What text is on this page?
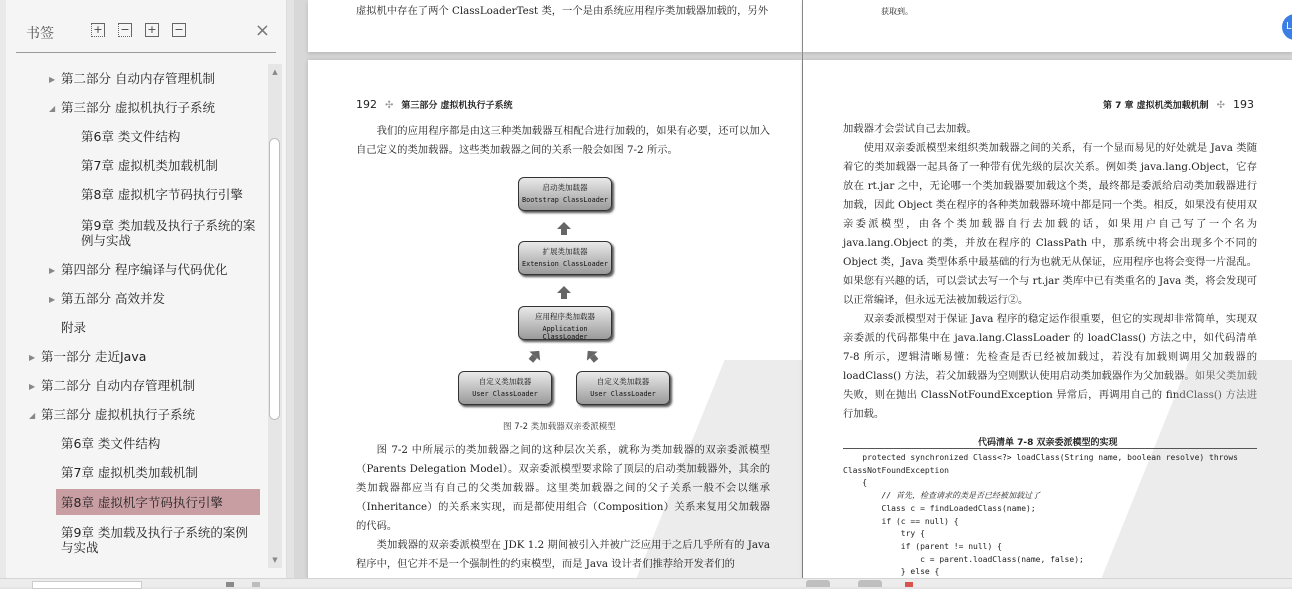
书签	+ − + −	×
▶ 第二部分 自动内存管理机制
◢ 第三部分 虚拟机执行子系统
第6章 类文件结构
第7章 虚拟机类加载机制
第8章 虚拟机字节码执行引擎
第9章 类加载及执行子系统的案例与实战
▶ 第四部分 程序编译与代码优化
▶ 第五部分 高效并发
附录
▶ 第一部分 走近Java
▶ 第二部分 自动内存管理机制
◢ 第三部分 虚拟机执行子系统
第6章 类文件结构
第7章 虚拟机类加载机制
第8章 虚拟机字节码执行引擎
第9章 类加载及执行子系统的案例与实战
▲
▼
虚拟机中存在了两个 ClassLoaderTest 类，一个是由系统应用程序类加载器加载的，另外	获取到。
192 ✣ 第三部分 虚拟机执行子系统

我们的应用程序都是由这三种类加载器互相配合进行加载的，如果有必要，还可以加入自己定义的类加载器。这些类加载器之间的关系一般会如图 7-2 所示。

启动类加载器
Bootstrap ClassLoader
扩展类加载器
Extension ClassLoader
应用程序类加载器
Application ClassLoader
自定义类加载器
User ClassLoader
自定义类加载器
User ClassLoader
图 7-2 类加载器双亲委派模型

图 7-2 中所展示的类加载器之间的这种层次关系，就称为类加载器的双亲委派模型（Parents Delegation Model）。双亲委派模型要求除了顶层的启动类加载器外，其余的类加载器都应当有自己的父类加载器。这里类加载器之间的父子关系一般不会以继承（Inheritance）的关系来实现，而是都使用组合（Composition）关系来复用父加载器的代码。

类加载器的双亲委派模型在 JDK 1.2 期间被引入并被广泛应用于之后几乎所有的 Java 程序中，但它并不是一个强制性的约束模型，而是 Java 设计者们推荐给开发者们的

第 7 章 虚拟机类加载机制 ✣ 193

加载器才会尝试自己去加载。

使用双亲委派模型来组织类加载器之间的关系，有一个显而易见的好处就是 Java 类随着它的类加载器一起具备了一种带有优先级的层次关系。例如类 java.lang.Object，它存放在 rt.jar 之中，无论哪一个类加载器要加载这个类，最终都是委派给启动类加载器进行加载，因此 Object 类在程序的各种类加载器环境中都是同一个类。相反，如果没有使用双亲委派模型，由各个类加载器自行去加载的话，如果用户自己写了一个名为 java.lang.Object 的类，并放在程序的 ClassPath 中，那系统中将会出现多个不同的 Object 类，Java 类型体系中最基础的行为也就无从保证，应用程序也将会变得一片混乱。如果您有兴趣的话，可以尝试去写一个与 rt.jar 类库中已有类重名的 Java 类，将会发现可以正常编译，但永远无法被加载运行②。

双亲委派模型对于保证 Java 程序的稳定运作很重要，但它的实现却非常简单，实现双亲委派的代码都集中在 java.lang.ClassLoader 的 loadClass() 方法之中，如代码清单 7-8 所示，逻辑清晰易懂：先检查是否已经被加载过，若没有加载则调用父加载器的 loadClass() 方法，若父加载器为空则默认使用启动类加载器作为父加载器。如果父类加载失败，则在抛出 ClassNotFoundException 异常后，再调用自己的 findClass() 方法进行加载。

代码清单 7-8 双亲委派模型的实现
protected synchronized Class<?> loadClass(String name, boolean resolve) throws
ClassNotFoundException
{
// 首先，检查请求的类是否已经被加载过了
Class c = findLoadedClass(name);
if (c == null) {
try {
if (parent != null) {
c = parent.loadClass(name, false);
} else {
L
